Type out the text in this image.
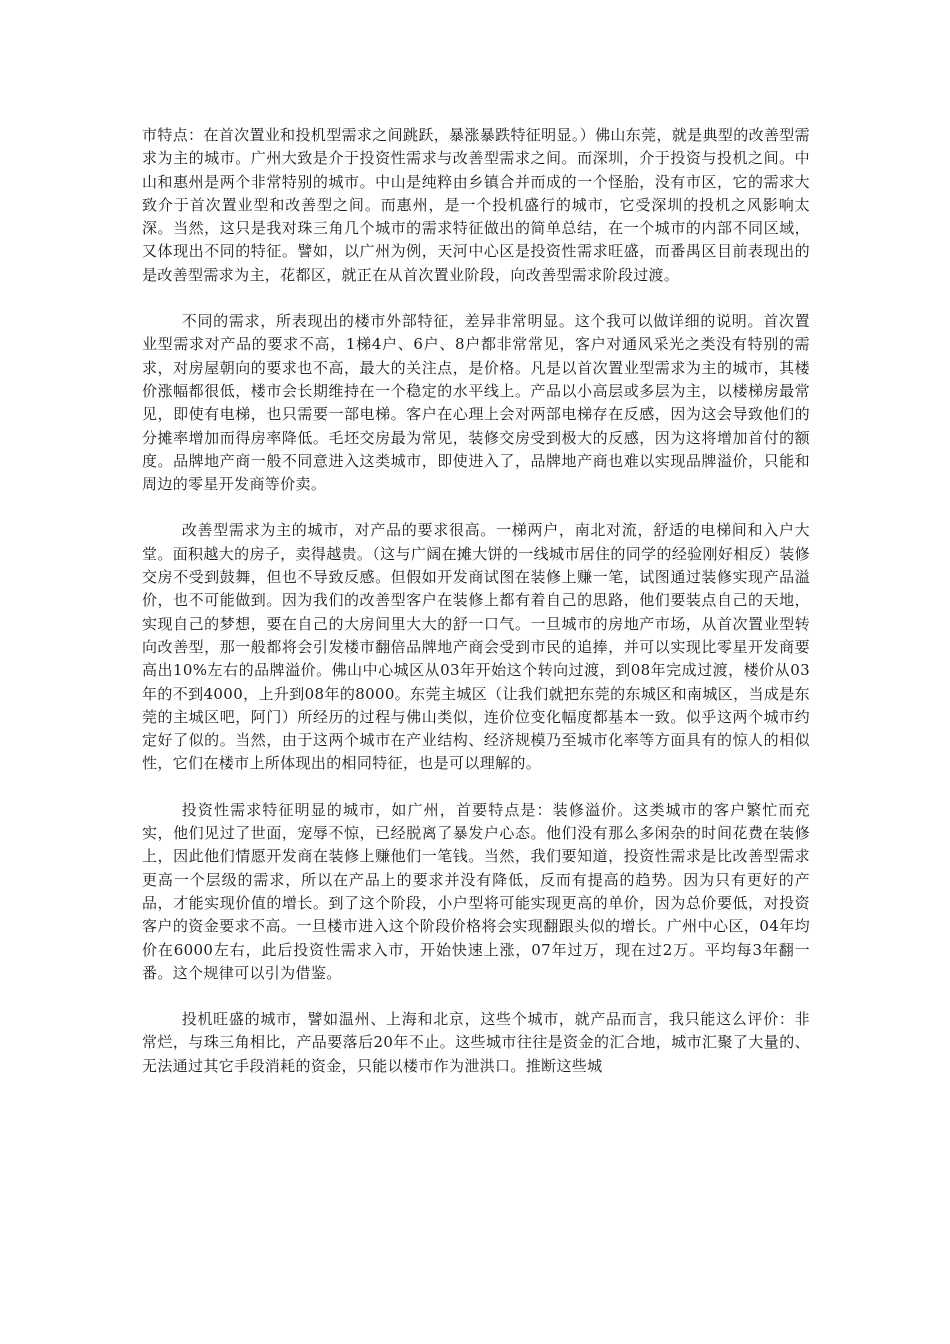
市特点：在首次置业和投机型需求之间跳跃，暴涨暴跌特征明显。）佛山东莞，就是典型的改善型需求为主的城市。广州大致是介于投资性需求与改善型需求之间。而深圳，介于投资与投机之间。中山和惠州是两个非常特别的城市。中山是纯粹由乡镇合并而成的一个怪胎，没有市区，它的需求大致介于首次置业型和改善型之间。而惠州，是一个投机盛行的城市，它受深圳的投机之风影响太深。当然，这只是我对珠三角几个城市的需求特征做出的简单总结，在一个城市的内部不同区域，又体现出不同的特征。譬如，以广州为例，天河中心区是投资性需求旺盛，而番禺区目前表现出的是改善型需求为主，花都区，就正在从首次置业阶段，向改善型需求阶段过渡。

不同的需求，所表现出的楼市外部特征，差异非常明显。这个我可以做详细的说明。首次置业型需求对产品的要求不高，1梯4户、6户、8户都非常常见，客户对通风采光之类没有特别的需求，对房屋朝向的要求也不高，最大的关注点，是价格。凡是以首次置业型需求为主的城市，其楼价涨幅都很低，楼市会长期维持在一个稳定的水平线上。产品以小高层或多层为主，以楼梯房最常见，即使有电梯，也只需要一部电梯。客户在心理上会对两部电梯存在反感，因为这会导致他们的分摊率增加而得房率降低。毛坯交房最为常见，装修交房受到极大的反感，因为这将增加首付的额度。品牌地产商一般不同意进入这类城市，即使进入了，品牌地产商也难以实现品牌溢价，只能和周边的零星开发商等价卖。

改善型需求为主的城市，对产品的要求很高。一梯两户，南北对流，舒适的电梯间和入户大堂。面积越大的房子，卖得越贵。（这与广阔在摊大饼的一线城市居住的同学的经验刚好相反）装修交房不受到鼓舞，但也不导致反感。但假如开发商试图在装修上赚一笔，试图通过装修实现产品溢价，也不可能做到。因为我们的改善型客户在装修上都有着自己的思路，他们要装点自己的天地，实现自己的梦想，要在自己的大房间里大大的舒一口气。一旦城市的房地产市场，从首次置业型转向改善型，那一般都将会引发楼市翻倍品牌地产商会受到市民的追捧，并可以实现比零星开发商要高出10%左右的品牌溢价。佛山中心城区从03年开始这个转向过渡，到08年完成过渡，楼价从03年的不到4000，上升到08年的8000。东莞主城区（让我们就把东莞的东城区和南城区，当成是东莞的主城区吧，阿门）所经历的过程与佛山类似，连价位变化幅度都基本一致。似乎这两个城市约定好了似的。当然，由于这两个城市在产业结构、经济规模乃至城市化率等方面具有的惊人的相似性，它们在楼市上所体现出的相同特征，也是可以理解的。

投资性需求特征明显的城市，如广州，首要特点是：装修溢价。这类城市的客户繁忙而充实，他们见过了世面，宠辱不惊，已经脱离了暴发户心态。他们没有那么多闲杂的时间花费在装修上，因此他们情愿开发商在装修上赚他们一笔钱。当然，我们要知道，投资性需求是比改善型需求更高一个层级的需求，所以在产品上的要求并没有降低，反而有提高的趋势。因为只有更好的产品，才能实现价值的增长。到了这个阶段，小户型将可能实现更高的单价，因为总价要低，对投资客户的资金要求不高。一旦楼市进入这个阶段价格将会实现翻跟头似的增长。广州中心区，04年均价在6000左右，此后投资性需求入市，开始快速上涨，07年过万，现在过2万。平均每3年翻一番。这个规律可以引为借鉴。

投机旺盛的城市，譬如温州、上海和北京，这些个城市，就产品而言，我只能这么评价：非常烂，与珠三角相比，产品要落后20年不止。这些城市往往是资金的汇合地，城市汇聚了大量的、无法通过其它手段消耗的资金，只能以楼市作为泄洪口。推断这些城
